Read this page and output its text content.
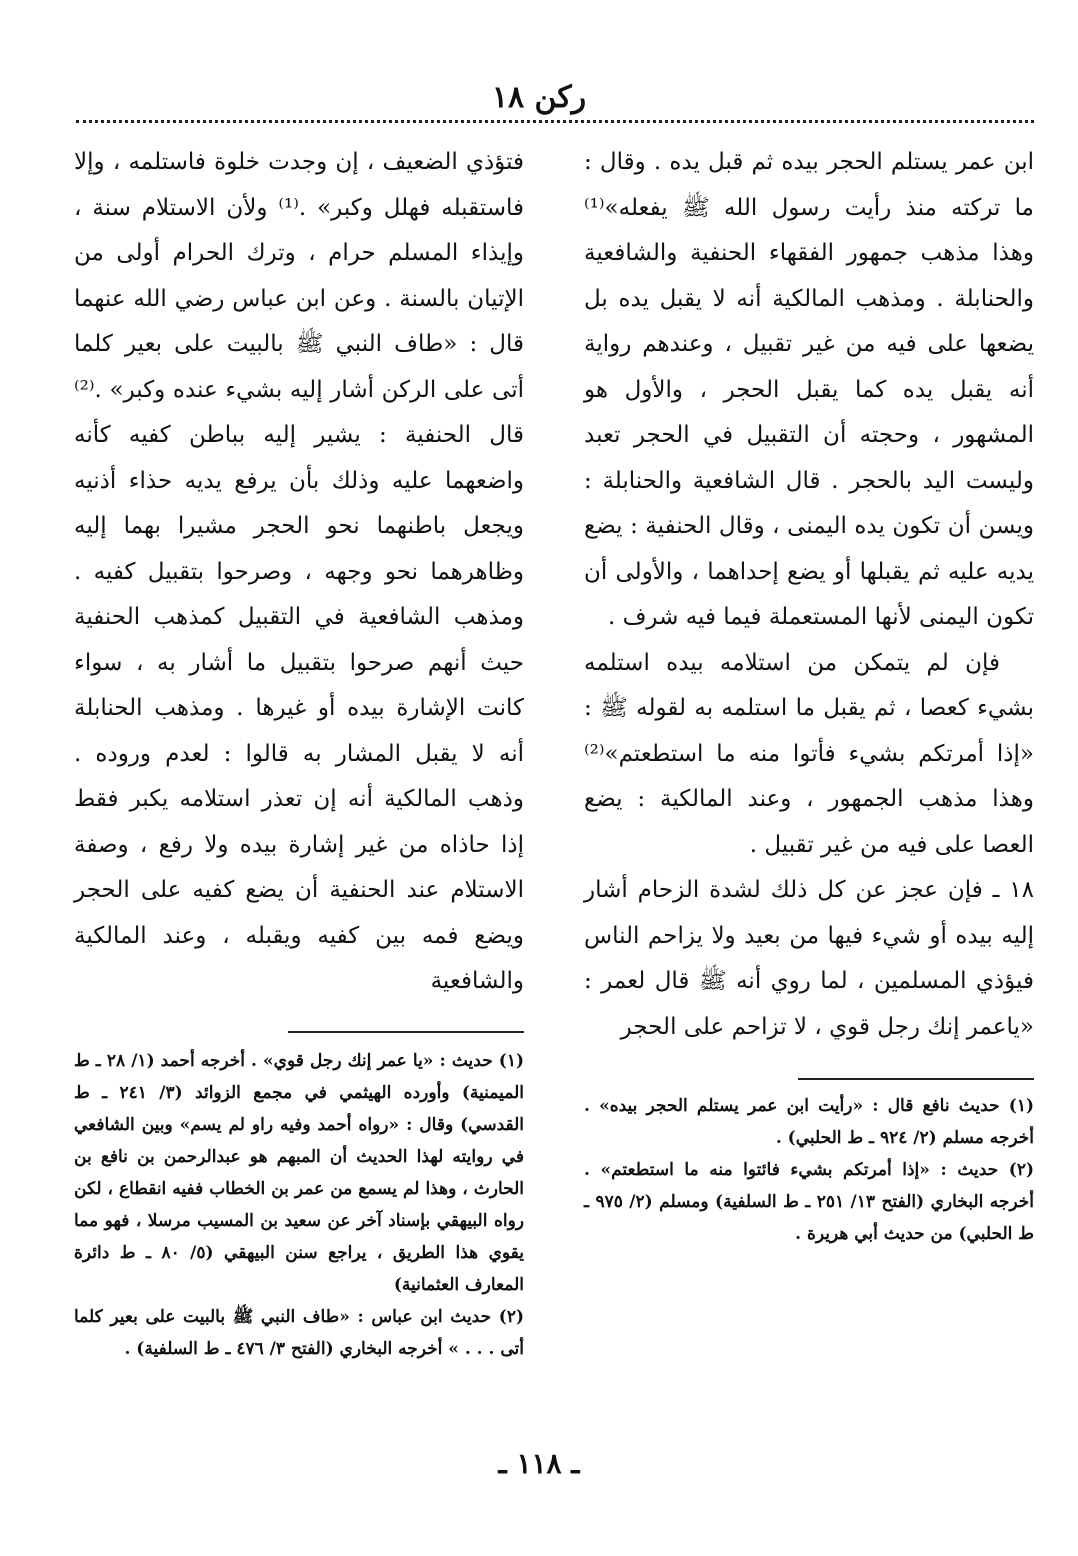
ركن ١٨

ابن عمر يستلم الحجر بيده ثم قبل يده . وقال : ما تركته منذ رأيت رسول الله ﷺ يفعله»⁽¹⁾ وهذا مذهب جمهور الفقهاء الحنفية والشافعية والحنابلة . ومذهب المالكية أنه لا يقبل يده بل يضعها على فيه من غير تقبيل ، وعندهم رواية أنه يقبل يده كما يقبل الحجر ، والأول هو المشهور ، وحجته أن التقبيل في الحجر تعبد وليست اليد بالحجر . قال الشافعية والحنابلة : ويسن أن تكون يده اليمنى ، وقال الحنفية : يضع يديه عليه ثم يقبلها أو يضع إحداهما ، والأولى أن تكون اليمنى لأنها المستعملة فيما فيه شرف .

فإن لم يتمكن من استلامه بيده استلمه بشيء كعصا ، ثم يقبل ما استلمه به لقوله ﷺ : «إذا أمرتكم بشيء فأتوا منه ما استطعتم»⁽²⁾ وهذا مذهب الجمهور ، وعند المالكية : يضع العصا على فيه من غير تقبيل .

١٨ ـ فإن عجز عن كل ذلك لشدة الزحام أشار إليه بيده أو شيء فيها من بعيد ولا يزاحم الناس فيؤذي المسلمين ، لما روي أنه ﷺ قال لعمر : «ياعمر إنك رجل قوي ، لا تزاحم على الحجر

(١) حديث نافع قال : «رأيت ابن عمر يستلم الحجر بيده» . أخرجه مسلم (٢/ ٩٢٤ ـ ط الحلبي) .

(٢) حديث : «إذا أمرتكم بشيء فائتوا منه ما استطعتم» . أخرجه البخاري (الفتح ١٣/ ٢٥١ ـ ط السلفية) ومسلم (٢/ ٩٧٥ ـ ط الحلبي) من حديث أبي هريرة .

فتؤذي الضعيف ، إن وجدت خلوة فاستلمه ، وإلا فاستقبله فهلل وكبر» .⁽¹⁾ ولأن الاستلام سنة ، وإيذاء المسلم حرام ، وترك الحرام أولى من الإتيان بالسنة . وعن ابن عباس رضي الله عنهما قال : «طاف النبي ﷺ بالبيت على بعير كلما أتى على الركن أشار إليه بشيء عنده وكبر» .⁽²⁾ قال الحنفية : يشير إليه بباطن كفيه كأنه واضعهما عليه وذلك بأن يرفع يديه حذاء أذنيه ويجعل باطنهما نحو الحجر مشيرا بهما إليه وظاهرهما نحو وجهه ، وصرحوا بتقبيل كفيه . ومذهب الشافعية في التقبيل كمذهب الحنفية حيث أنهم صرحوا بتقبيل ما أشار به ، سواء كانت الإشارة بيده أو غيرها . ومذهب الحنابلة أنه لا يقبل المشار به قالوا : لعدم وروده . وذهب المالكية أنه إن تعذر استلامه يكبر فقط إذا حاذاه من غير إشارة بيده ولا رفع ، وصفة الاستلام عند الحنفية أن يضع كفيه على الحجر ويضع فمه بين كفيه ويقبله ، وعند المالكية والشافعية

(١) حديث : «يا عمر إنك رجل قوي» . أخرجه أحمد (١/ ٢٨ ـ ط الميمنية) وأورده الهيثمي في مجمع الزوائد (٣/ ٢٤١ ـ ط القدسي) وقال : «رواه أحمد وفيه راو لم يسم» وبين الشافعي في روايته لهذا الحديث أن المبهم هو عبدالرحمن بن نافع بن الحارث ، وهذا لم يسمع من عمر بن الخطاب ففيه انقطاع ، لكن رواه البيهقي بإسناد آخر عن سعيد بن المسيب مرسلا ، فهو مما يقوي هذا الطريق ، يراجع سنن البيهقي (٥/ ٨٠ ـ ط دائرة المعارف العثمانية)

(٢) حديث ابن عباس : «طاف النبي ﷺ بالبيت على بعير كلما أتى . . . » أخرجه البخاري (الفتح ٣/ ٤٧٦ ـ ط السلفية) .

ـ ١١٨ ـ
